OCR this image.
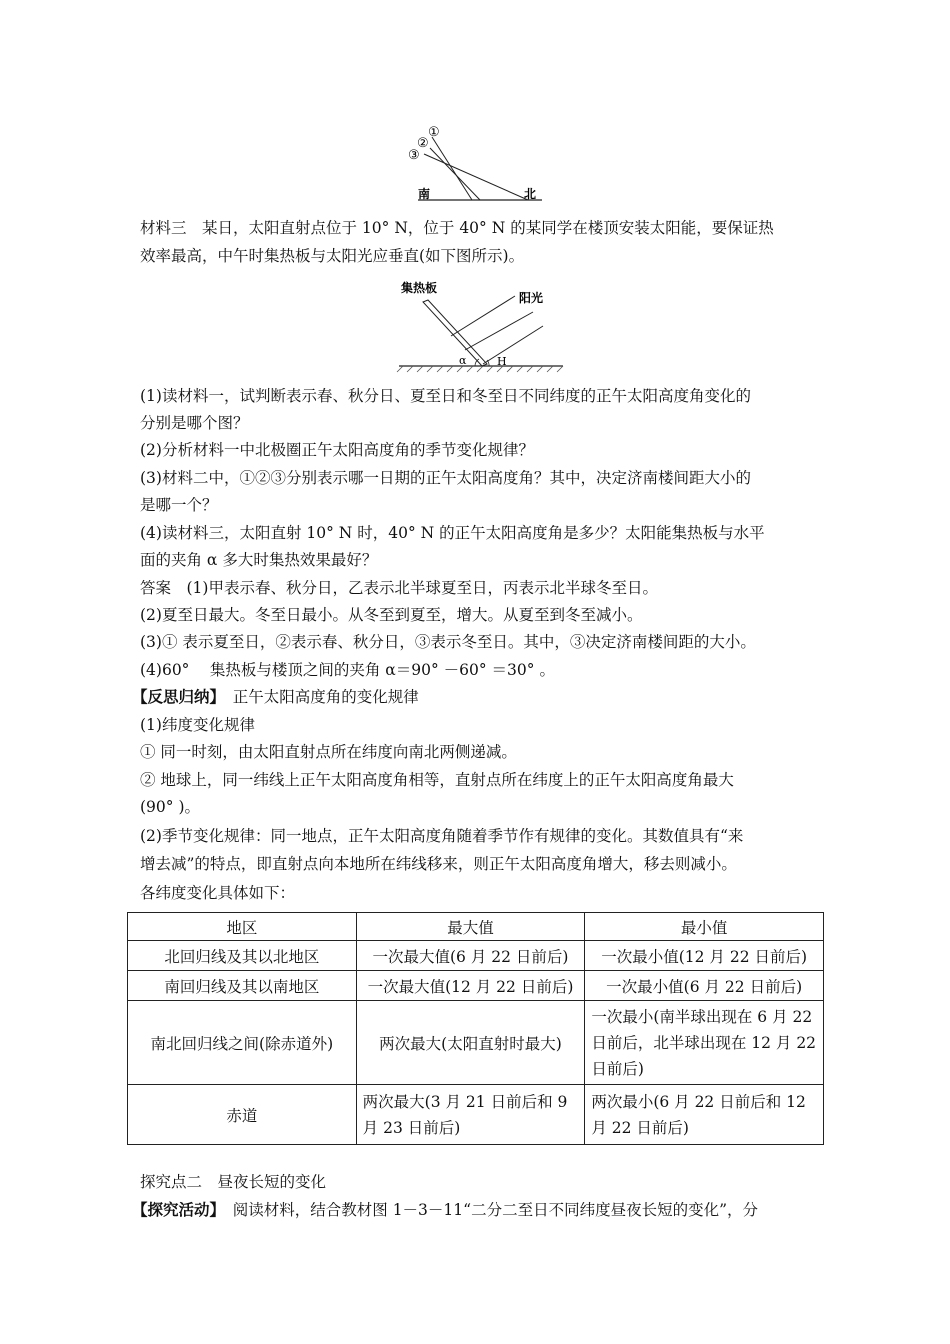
①
②
③
南	北
材料三　某日，太阳直射点位于 10° N，位于 40° N 的某同学在楼顶安装太阳能，要保证热
效率最高，中午时集热板与太阳光应垂直(如下图所示)。
集热板
阳光
α	H
(1)读材料一，试判断表示春、秋分日、夏至日和冬至日不同纬度的正午太阳高度角变化的
分别是哪个图？
(2)分析材料一中北极圈正午太阳高度角的季节变化规律？
(3)材料二中，①②③分别表示哪一日期的正午太阳高度角？其中，决定济南楼间距大小的
是哪一个？
(4)读材料三，太阳直射 10° N 时，40° N 的正午太阳高度角是多少？太阳能集热板与水平
面的夹角 α 多大时集热效果最好？
答案　(1)甲表示春、秋分日，乙表示北半球夏至日，丙表示北半球冬至日。
(2)夏至日最大。冬至日最小。从冬至到夏至，增大。从夏至到冬至减小。
(3)① 表示夏至日，②表示春、秋分日，③表示冬至日。其中，③决定济南楼间距的大小。
(4)60°　 集热板与楼顶之间的夹角 α＝90° －60° ＝30° 。
【反思归纳】　正午太阳高度角的变化规律
(1)纬度变化规律
① 同一时刻，由太阳直射点所在纬度向南北两侧递减。
② 地球上，同一纬线上正午太阳高度角相等，直射点所在纬度上的正午太阳高度角最大
(90° )。
(2)季节变化规律：同一地点，正午太阳高度角随着季节作有规律的变化。其数值具有“来
增去减”的特点，即直射点向本地所在纬线移来，则正午太阳高度角增大，移去则减小。
各纬度变化具体如下：
地区	最大值	最小值
北回归线及其以北地区	一次最大值(6 月 22 日前后)	一次最小值(12 月 22 日前后)
南回归线及其以南地区	一次最大值(12 月 22 日前后)	一次最小值(6 月 22 日前后)
南北回归线之间(除赤道外)	两次最大(太阳直射时最大)	一次最小(南半球出现在 6 月 22 日前后，北半球出现在 12 月 22 日前后)
赤道	两次最大(3 月 21 日前后和 9 月 23 日前后)	两次最小(6 月 22 日前后和 12 月 22 日前后)
探究点二　昼夜长短的变化
【探究活动】　阅读材料，结合教材图 1－3－11“二分二至日不同纬度昼夜长短的变化”，分
